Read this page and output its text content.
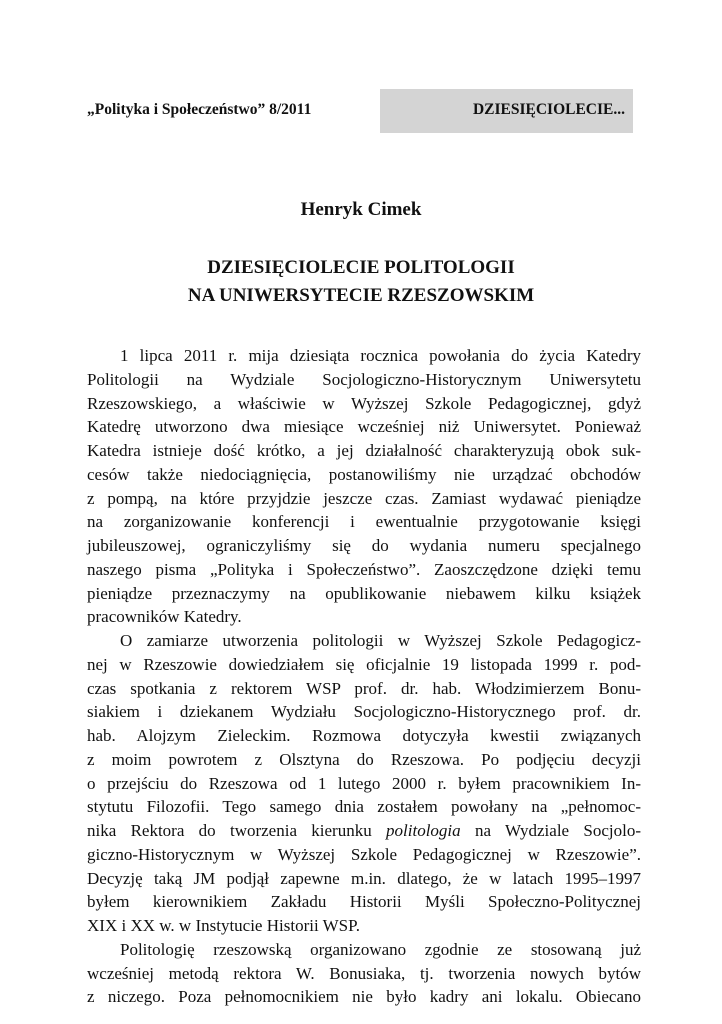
„Polityka i Społeczeństwo” 8/2011	DZIESIĘCIOLECIE...
Henryk Cimek
DZIESIĘCIOLECIE POLITOLOGII
NA UNIWERSYTECIE RZESZOWSKIM
1 lipca 2011 r. mija dziesiąta rocznica powołania do życia Katedry
Politologii na Wydziale Socjologiczno-Historycznym Uniwersytetu
Rzeszowskiego, a właściwie w Wyższej Szkole Pedagogicznej, gdyż
Katedrę utworzono dwa miesiące wcześniej niż Uniwersytet. Ponieważ
Katedra istnieje dość krótko, a jej działalność charakteryzują obok suk-
cesów także niedociągnięcia, postanowiliśmy nie urządzać obchodów
z pompą, na które przyjdzie jeszcze czas. Zamiast wydawać pieniądze
na zorganizowanie konferencji i ewentualnie przygotowanie księgi
jubileuszowej, ograniczyliśmy się do wydania numeru specjalnego
naszego pisma „Polityka i Społeczeństwo”. Zaoszczędzone dzięki temu
pieniądze przeznaczymy na opublikowanie niebawem kilku książek
pracowników Katedry.
O zamiarze utworzenia politologii w Wyższej Szkole Pedagogicz-
nej w Rzeszowie dowiedziałem się oficjalnie 19 listopada 1999 r. pod-
czas spotkania z rektorem WSP prof. dr. hab. Włodzimierzem Bonu-
siakiem i dziekanem Wydziału Socjologiczno-Historycznego prof. dr.
hab. Alojzym Zieleckim. Rozmowa dotyczyła kwestii związanych
z moim powrotem z Olsztyna do Rzeszowa. Po podjęciu decyzji
o przejściu do Rzeszowa od 1 lutego 2000 r. byłem pracownikiem In-
stytutu Filozofii. Tego samego dnia zostałem powołany na „pełnomoc-
nika Rektora do tworzenia kierunku politologia na Wydziale Socjolo-
giczno-Historycznym w Wyższej Szkole Pedagogicznej w Rzeszowie”.
Decyzję taką JM podjął zapewne m.in. dlatego, że w latach 1995–1997
byłem kierownikiem Zakładu Historii Myśli Społeczno-Politycznej
XIX i XX w. w Instytucie Historii WSP.
Politologię rzeszowską organizowano zgodnie ze stosowaną już
wcześniej metodą rektora W. Bonusiaka, tj. tworzenia nowych bytów
z niczego. Poza pełnomocnikiem nie było kadry ani lokalu. Obiecano
